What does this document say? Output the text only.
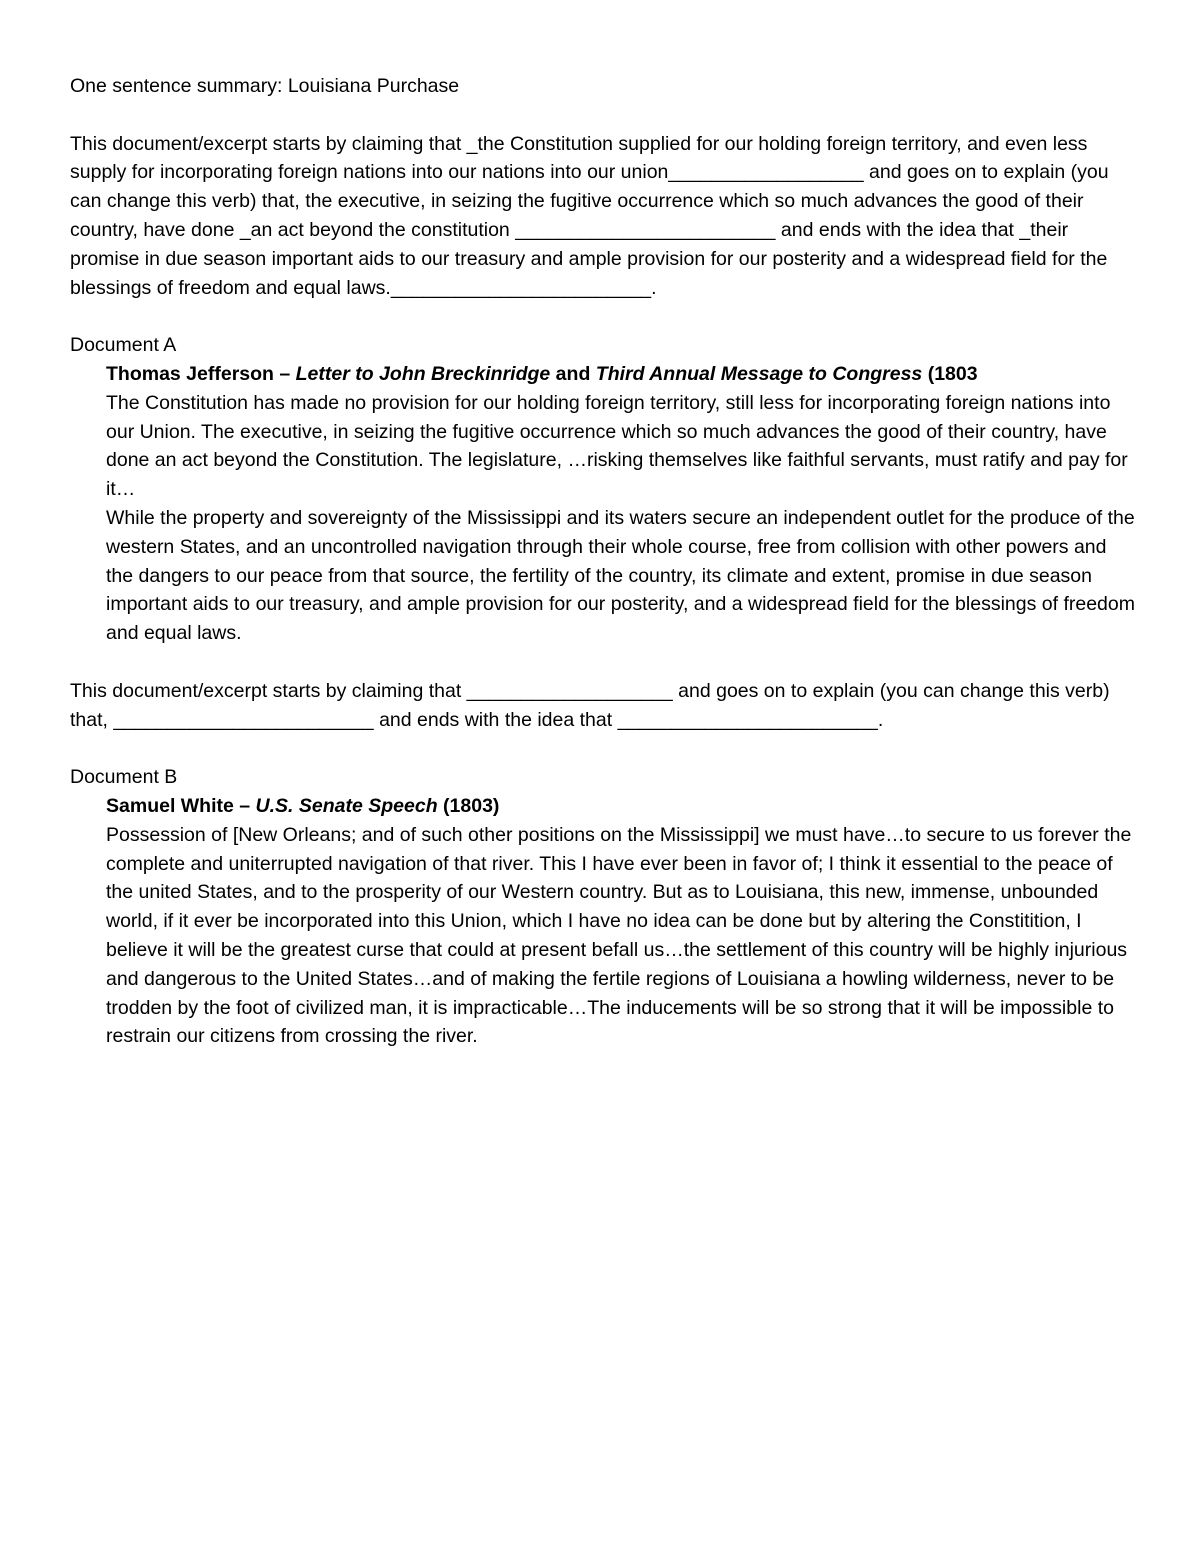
One sentence summary: Louisiana Purchase

This document/excerpt starts by claiming that _the Constitution supplied for our holding foreign territory, and even less supply for incorporating foreign nations into our nations into our union__________________ and goes on to explain (you can change this verb) that, the executive, in seizing the fugitive occurrence which so much advances the good of their country, have done _an act beyond the constitution ________________________ and ends with the idea that _their promise in due season important aids to our treasury and ample provision for our posterity and a widespread field for the blessings of freedom and equal laws.________________________.

Document A

Thomas Jefferson – Letter to John Breckinridge and Third Annual Message to Congress (1803

The Constitution has made no provision for our holding foreign territory, still less for incorporating foreign nations into our Union. The executive, in seizing the fugitive occurrence which so much advances the good of their country, have done an act beyond the Constitution. The legislature, …risking themselves like faithful servants, must ratify and pay for it…

While the property and sovereignty of the Mississippi and its waters secure an independent outlet for the produce of the western States, and an uncontrolled navigation through their whole course, free from collision with other powers and the dangers to our peace from that source, the fertility of the country, its climate and extent, promise in due season important aids to our treasury, and ample provision for our posterity, and a widespread field for the blessings of freedom and equal laws.

This document/excerpt starts by claiming that ___________________ and goes on to explain (you can change this verb) that, ________________________ and ends with the idea that ________________________.

Document B

Samuel White – U.S. Senate Speech (1803)

Possession of [New Orleans; and of such other positions on the Mississippi] we must have…to secure to us forever the complete and uniterrupted navigation of that river. This I have ever been in favor of; I think it essential to the peace of the united States, and to the prosperity of our Western country. But as to Louisiana, this new, immense, unbounded world, if it ever be incorporated into this Union, which I have no idea can be done but by altering the Constitition, I believe it will be the greatest curse that could at present befall us…the settlement of this country will be highly injurious and dangerous to the United States…and of making the fertile regions of Louisiana a howling wilderness, never to be trodden by the foot of civilized man, it is impracticable…The inducements will be so strong that it will be impossible to restrain our citizens from crossing the river.
